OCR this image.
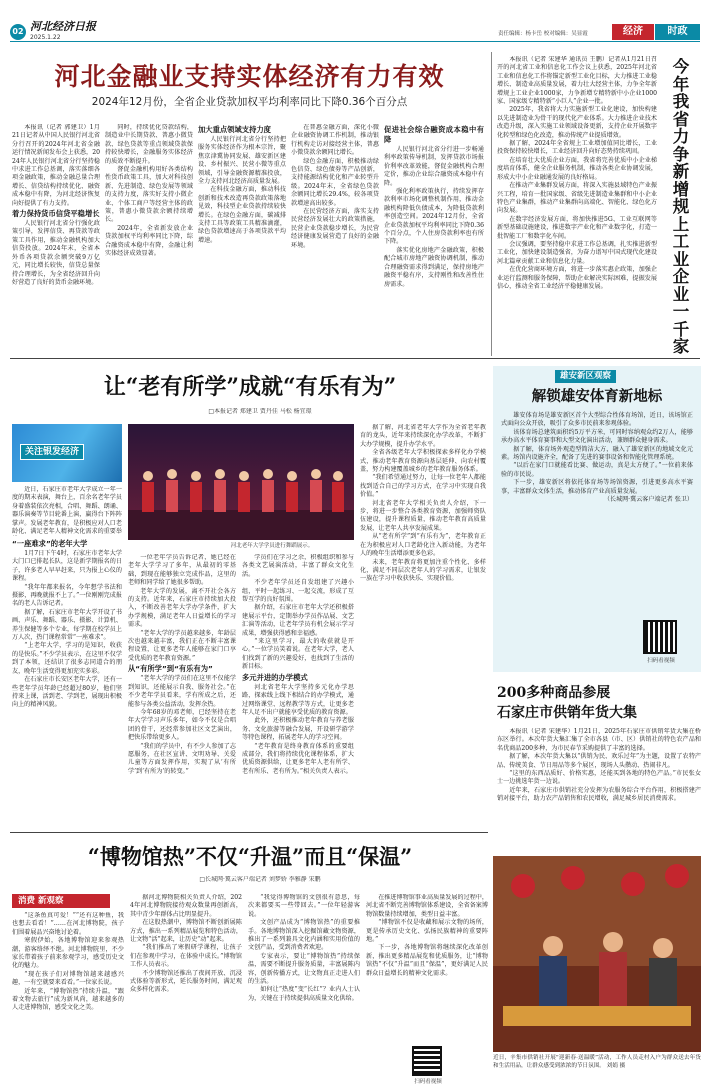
02 河北经济日报
2025.1.22	责任编辑：杨卡岳 校对编辑：吴显霞	经济	时政
河北金融业支持实体经济有力有效
2024年12月份，全省企业贷款加权平均利率同比下降0.36个百分点

本报讯（记者 郭建卫）1月21日记者从中国人民银行河北省分行召开的2024年河北省金融运行情况新闻发布会上获悉，2024年人民银行河北省分行坚持稳中求进工作总基调，落实落细各项金融政策，推动金融总量合理增长、信贷结构持续优化、融资成本稳中有降，为河北经济恢复向好提供了有力支持。

着力保持货币信贷平稳增长

人民银行河北省分行强化政策引导，发挥信贷、再贷款等政策工具作用，推动金融机构加大信贷投放。2024年末，全省本外币各项贷款余额突破9万亿元，同比增长较快，信贷总量保持合理增长，为全省经济回升向好营造了良好的货币金融环境。

同时，持续优化贷款结构，制造业中长期贷款、普惠小微贷款、绿色贷款等重点领域贷款保持较快增长，金融服务实体经济的质效不断提升。

督促金融机构用好各类结构性货币政策工具，加大对科技创新、先进制造、绿色发展等领域的支持力度，落实好支持小微企业、个体工商户等经营主体的政策，普惠小微贷款余额持续增长。

2024年，全省新发放企业贷款加权平均利率同比下降，综合融资成本稳中有降，金融让利实体经济成效显著。

加大重点领域支持力度

人民银行河北省分行坚持把服务实体经济作为根本宗旨，聚焦京津冀协同发展、雄安新区建设、乡村振兴、民营小微等重点领域，引导金融资源精准投放，全力支持河北经济高质量发展。

在科技金融方面，推动科技创新和技术改造再贷款政策落地见效，科技型企业贷款持续较快增长。在绿色金融方面，碳减排支持工具等政策工具精准滴灌，绿色贷款增速高于各项贷款平均增速。

在普惠金融方面，深化小微企业融资协调工作机制，推动银行机构走访对接经营主体，普惠小微贷款余额同比增长。

绿色金融方面，积极推动绿色信贷、绿色债券等产品创新，支持能源结构优化和产业转型升级。2024年末，全省绿色贷款余额同比增长29.4%，较各项贷款增速高出较多。

在民营经济方面，落实支持民营经济发展壮大的政策措施，民营企业贷款稳步增长，为民营经济健康发展营造了良好的金融环境。

促进社会综合融资成本稳中有降

人民银行河北省分行进一步畅通利率政策传导机制，发挥贷款市场报价利率改革效能，督促金融机构合理定价，推动企业综合融资成本稳中有降。

强化利率政策执行，持续发挥存款利率市场化调整机制作用，推动金融机构降低负债成本，为降低贷款利率创造空间。2024年12月份，全省企业贷款加权平均利率同比下降0.36个百分点，个人住房贷款利率也有所下降。

落实优化房地产金融政策，积极配合城市房地产融资协调机制，推动合理融资需求得到满足，保持房地产融资平稳有序，支持刚性和改善性住房需求。

本报讯（记者 宋建华 通讯员 王鹏）记者从1月21日召开的河北省工业和信息化工作会议上获悉，2025年河北省工业和信息化工作将锚定新型工业化目标，大力推进工业稳增长、制造业高质量发展，着力壮大经营主体，力争全年新增规上工业企业1000家，力争新增专精特新中小企业1000家、国家级专精特新“小巨人”企业一批。

2025年，我省将大力实施新型工业化建设，加快构建以先进制造业为骨干的现代化产业体系。大力推进企业技术改造升级，深入实施工业领域设备更新，支持企业开展数字化转型和绿色化改造，推动传统产业提质增效。

据了解，2024年全省规上工业增加值同比增长，工业投资保持较快增长，工业经济回升向好态势持续巩固。

在培育壮大优质企业方面，我省将完善优质中小企业梯度培育体系，健全企业服务机制，推动各类企业协调发展，形成大中小企业融通发展的良好格局。

在推动产业集群发展方面，将深入实施县域特色产业振兴工程，培育一批国家级、省级先进制造业集群和中小企业特色产业集群，推动产业集群向高端化、智能化、绿色化方向发展。

在数字经济发展方面，将加快推进5G、工业互联网等新型基础设施建设，推进数字产业化和产业数字化，打造一批智能工厂和数字化车间。

会议强调，要坚持稳中求进工作总基调，扎实推进新型工业化，加快建设制造强省，为奋力谱写中国式现代化建设河北篇章贡献工业和信息化力量。

在优化营商环境方面，将进一步落实惠企政策，加强企业运行监测和服务保障，帮助企业解决实际困难，提振发展信心，推动全省工业经济平稳健康发展。

今
年
我
省
力
争
新
增
规
上
工
业
企
业
一
千
家
让“老有所学”成就“有乐有为”
□本报记者 郑建卫 贾丹佳 马松 杨宜璟
关注银发经济

近日，石家庄市老年大学成立一年一度的期末表演，舞台上，百余名老年学员身着盛装依次亮相，合唱、舞蹈、朗诵、器乐演奏等节目轮番上演，赢得台下阵阵掌声。发展老年教育，是积极应对人口老龄化、满足老年人精神文化需求的重要举

河北老年大学学员进行舞蹈展示。
“一座难求”的老年大学

1月7日下午4时，石家庄市老年大学大门口已排起长队，这是新学期报名的日子，许多老人早早赶来，只为报上心仪的课程。

“我年年都来报名，今年想学书法和摄影，再晚就报不上了。”一位刚刚完成报名的老人告诉记者。

据了解，石家庄市老年大学开设了书画、声乐、舞蹈、器乐、摄影、计算机、养生保健等多个专业，每学期在校学员上万人次，热门课程常常“一座难求”。

“上老年大学，学习的是知识，收获的是快乐。”不少学员表示，在这里不仅学到了本领，还结识了很多志同道合的朋友，晚年生活变得更加充实多彩。

在石家庄市长安区老年大学，还有一些老年学员年龄已经超过80岁，他们坚持来上课，活到老、学到老，展现出积极向上的精神风貌。

一位老年学员告诉记者，她已经在老年大学学习了多年，从最初的零基础，到现在能够独立完成作品，这里的老师和同学给了她很多帮助。

老年大学的发展，离不开社会各方的支持。近年来，石家庄市持续加大投入，不断改善老年大学办学条件，扩大办学规模，满足老年人日益增长的学习需求。

“老年大学的学员越来越多，年龄层次也越来越丰富，我们正在不断丰富课程设置，让更多老年人能够在家门口享受优质的老年教育资源。”

从“有所学”到“有乐有为”

“老年大学的学员们在这里不仅能学到知识，还能展示自我、服务社会。”在不少老年学员看来，学有所成之后，还能参与各类公益活动，发挥余热。

今年68岁的邓老师，已经坚持在老年大学学习声乐多年，如今不仅是合唱团的骨干，还经常参加社区文艺演出，把快乐带给更多人。

“我们的学员中，有不少人参加了志愿服务，在社区宣讲、文明劝导、关爱儿童等方面发挥作用，实现了从‘有所学’到‘有所为’的转变。”

学员们在学习之余，积极组织和参与各类文艺展演活动，丰富了群众文化生活。

不少老年学员还自发组建了兴趣小组，平时一起练习、一起交流，形成了互帮互学的良好氛围。

据介绍，石家庄市老年大学还积极搭建展示平台，定期举办学员作品展、文艺汇演等活动，让老年学员有机会展示学习成果，增强获得感和幸福感。

“来这里学习，最大的收获就是开心。”一位学员笑着说。在老年大学，老人们找到了新的兴趣爱好，也找到了生活的新目标。

多元并进的办学模式

河北省老年大学坚持多元化办学思路，探索线上线下相结合的办学模式，通过网络课堂、远程教学等方式，让更多老年人足不出户就能享受优质的教育资源。

此外，还积极推动老年教育与养老服务、文化旅游等融合发展，开设研学游学等特色课程，拓展老年人的学习空间。

“老年教育是终身教育体系的重要组成部分，我们将持续优化课程体系，扩大优质资源供给，让更多老年人老有所学、老有所乐、老有所为。”相关负责人表示。

据了解，河北省老年大学作为全省老年教育的龙头，近年来持续深化办学改革，不断扩大办学规模，提升办学水平。

全省各级老年大学积极探索多样化办学模式，推动老年教育资源向基层延伸、向农村覆盖，努力构建覆盖城乡的老年教育服务体系。

“我们希望通过努力，让每一位老年人都能找到适合自己的学习方式，在学习中实现自我价值。”

河北省老年大学相关负责人介绍，下一步，将进一步整合各类教育资源，加强师资队伍建设，提升课程质量，推动老年教育高质量发展，让老年人共享发展成果。

从“老有所学”到“有乐有为”，老年教育正在为积极应对人口老龄化注入新动能，为老年人的晚年生活增添更多色彩。

未来，老年教育将更加注重个性化、多样化，满足不同层次老年人的学习需求，让银发一族在学习中收获快乐、实现价值。

雄安新区观察
解锁雄安体育新地标

雄安体育场是雄安新区首个大型综合性体育场馆，近日，该场馆正式面向公众开放，吸引了众多市民前来参观体验。

该体育场总建筑面积约5万平方米，可同时容纳观众约2万人，能够承办高水平体育赛事和大型文化演出活动，兼顾群众健身需求。

据了解，体育场外观造型简洁大方，融入了雄安新区的地域文化元素。场馆内设施齐全，配备了先进的赛事设备和智能化管理系统。

“以后在家门口就能看比赛、做运动，真是太方便了。”一位前来体验的市民说。

下一步，雄安新区将依托体育场等场馆资源，引进更多高水平赛事，丰富群众文体生活，推动体育产业高质量发展。

（长城网·冀云客户端记者 张卫）

扫码看视频
200多种商品参展
石家庄市供销年货大集

本报讯（记者 宋建华）1月21日，2025年石家庄市供销年货大集在桥东区举行。本次年货大集汇集了全市各县（市、区）供销社的特色农产品和名优商品200多种，为市民春节采购提供了丰富的选择。

据了解，本次年货大集以“供销为民、欢乐过年”为主题，设置了农特产品、传统美食、节日用品等多个展区，现场人头攒动、热闹非凡。

“这里的东西品质好、价格实惠，还能买到各地的特色产品。”市民张女士一边挑选年货一边说。

近年来，石家庄市供销社充分发挥为农服务综合平台作用，积极搭建产销对接平台，助力农产品销售和农民增收，满足城乡居民消费需求。

“博物馆热”不仅“升温”而且“保温”
□长城网·冀云客户端记者 刘梦娇 李雅静 宋鹏
消费 新观察

“这条鱼真可爱！”“还有这种鱼，我也想去看看！”……在河北博物院，孩子们围着展品兴奋地讨论着。

寒假伊始，各地博物馆迎来参观热潮，游客络绎不绝。河北博物院里，不少家长带着孩子前来参观学习，感受历史文化的魅力。

“现在孩子们对博物馆越来越感兴趣，一有空就要来看看。”一位家长说。

近年来，“博物馆热”持续升温，“跟着文物去旅行”成为新风尚，越来越多的人走进博物馆，感受文化之美。

据河北博物院相关负责人介绍，2024年河北博物院接待观众数量再创新高，其中青少年群体占比明显提升。

在这股热潮中，博物馆不断创新展陈方式，推出一系列精品展览和特色活动，让文物“活”起来，让历史“动”起来。

“我们推出了寒假研学课程，让孩子们在参观中学习，在体验中成长。”博物馆工作人员表示。

不少博物馆还推出了夜间开放、沉浸式体验等新形式，延长服务时间，满足观众多样化需求。

“我觉得博物馆的文创很有意思，每次来都要买一些带回去。”一位年轻游客说。

文创产品成为“博物馆热”的重要推手。各地博物馆深入挖掘馆藏文物资源，推出了一系列兼具文化内涵和实用价值的文创产品，受到消费者欢迎。

专家表示，要让“博物馆热”持续保温，需要不断提升服务质量，丰富展陈内容，创新传播方式，让文物真正走进人们的生活。

如何让“热度”变“长红”？业内人士认为，关键在于持续提供高质量文化供给。

在推进博物馆事业高质量发展的过程中，河北省不断完善博物馆体系建设，全省备案博物馆数量持续增加，类型日益丰富。

“博物馆不仅是收藏和展示文物的场所，更是传承历史文化、弘扬民族精神的重要阵地。”

下一步，各地博物馆将继续深化改革创新，推出更多精品展览和优质服务，让“博物馆热”不仅“升温”而且“保温”，更好满足人民群众日益增长的精神文化需求。

扫码看视频
近日，辛集市供销社开展“迎新春·送温暖”活动，工作人员走村入户为群众送去年货和生活用品，让群众感受到浓浓的节日氛围。 刘娟 摄
